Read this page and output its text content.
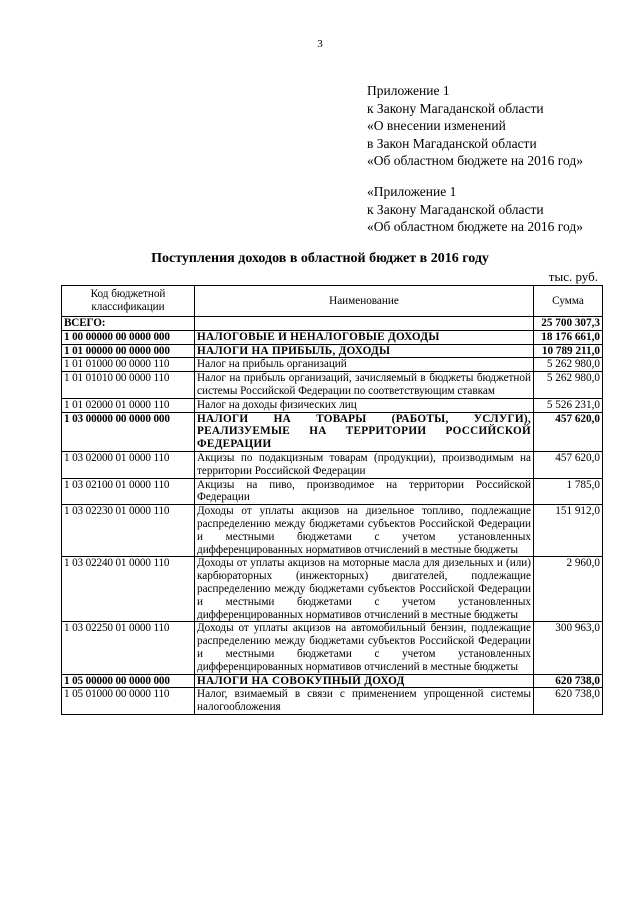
3
Приложение 1
к Закону Магаданской области
«О внесении изменений
в Закон Магаданской области
«Об областном бюджете на 2016 год»
«Приложение 1
к Закону Магаданской области
«Об областном бюджете на 2016 год»
Поступления доходов в областной бюджет в 2016 году
тыс. руб.
Код бюджетной классификации	Наименование	Сумма
ВСЕГО:		25 700 307,3
1 00 00000 00 0000 000	НАЛОГОВЫЕ И НЕНАЛОГОВЫЕ ДОХОДЫ	18 176 661,0
1 01 00000 00 0000 000	НАЛОГИ НА ПРИБЫЛЬ, ДОХОДЫ	10 789 211,0
1 01 01000 00 0000 110	Налог на прибыль организаций	5 262 980,0
1 01 01010 00 0000 110	Налог на прибыль организаций, зачисляемый в бюджеты бюджетной системы Российской Федерации по соответствующим ставкам	5 262 980,0
1 01 02000 01 0000 110	Налог на доходы физических лиц	5 526 231,0
1 03 00000 00 0000 000	НАЛОГИ НА ТОВАРЫ (РАБОТЫ, УСЛУГИ), РЕАЛИЗУЕМЫЕ НА ТЕРРИТОРИИ РОССИЙСКОЙ ФЕДЕРАЦИИ	457 620,0
1 03 02000 01 0000 110	Акцизы по подакцизным товарам (продукции), производимым на территории Российской Федерации	457 620,0
1 03 02100 01 0000 110	Акцизы на пиво, производимое на территории Российской Федерации	1 785,0
1 03 02230 01 0000 110	Доходы от уплаты акцизов на дизельное топливо, подлежащие распределению между бюджетами субъектов Российской Федерации и местными бюджетами с учетом установленных дифференцированных нормативов отчислений в местные бюджеты	151 912,0
1 03 02240 01 0000 110	Доходы от уплаты акцизов на моторные масла для дизельных и (или) карбюраторных (инжекторных) двигателей, подлежащие распределению между бюджетами субъектов Российской Федерации и местными бюджетами с учетом установленных дифференцированных нормативов отчислений в местные бюджеты	2 960,0
1 03 02250 01 0000 110	Доходы от уплаты акцизов на автомобильный бензин, подлежащие распределению между бюджетами субъектов Российской Федерации и местными бюджетами с учетом установленных дифференцированных нормативов отчислений в местные бюджеты	300 963,0
1 05 00000 00 0000 000	НАЛОГИ НА СОВОКУПНЫЙ ДОХОД	620 738,0
1 05 01000 00 0000 110	Налог, взимаемый в связи с применением упрощенной системы налогообложения	620 738,0
